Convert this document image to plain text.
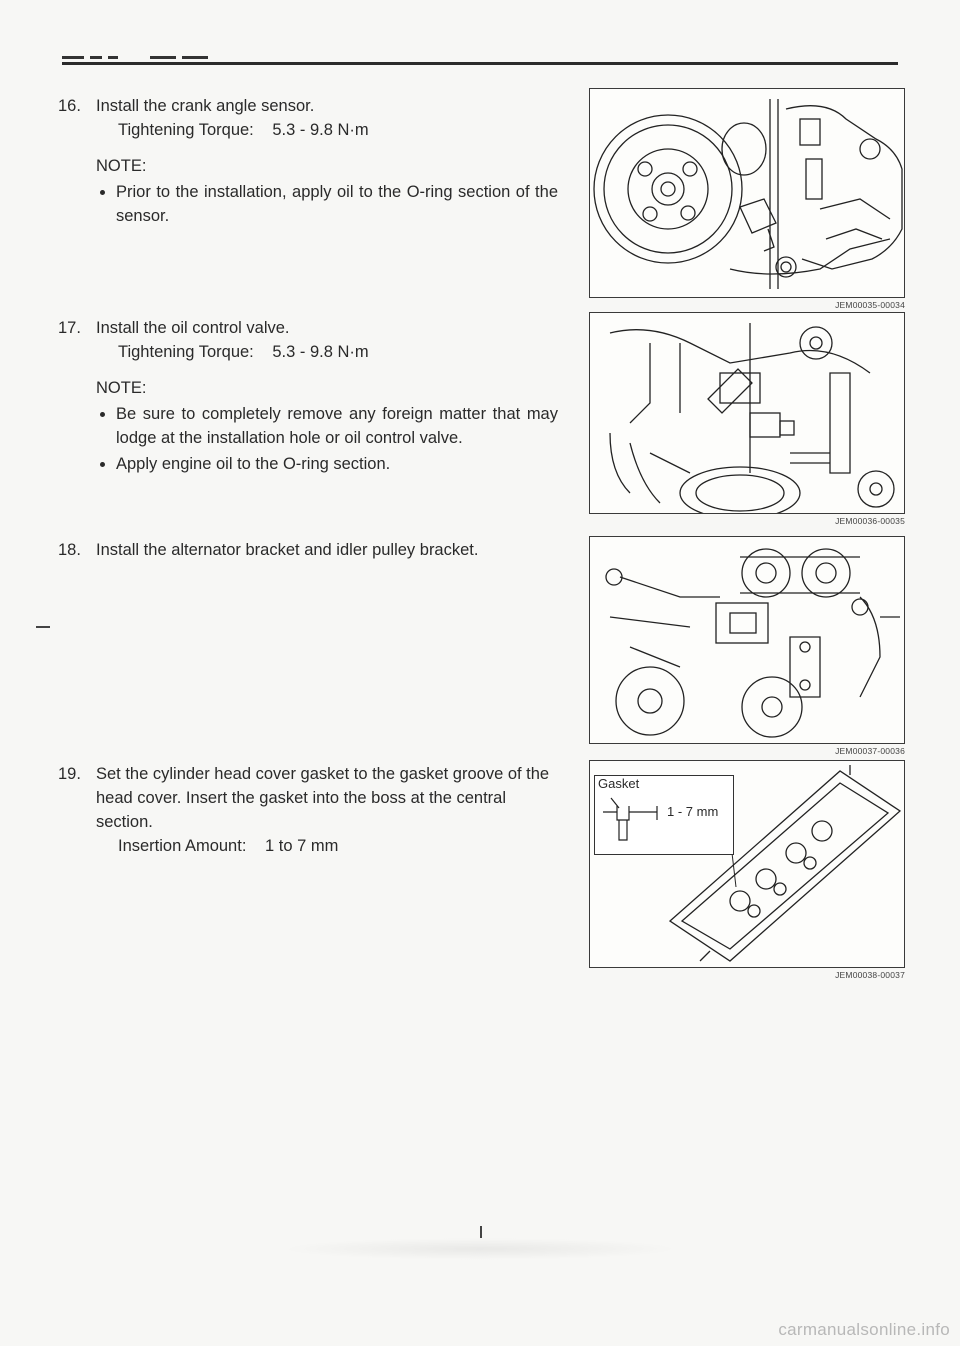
16. Install the crank angle sensor.
Tightening Torque: 5.3 - 9.8 N·m
NOTE:
• Prior to the installation, apply oil to the O-ring section of the sensor.
17. Install the oil control valve.
Tightening Torque: 5.3 - 9.8 N·m
NOTE:
• Be sure to completely remove any foreign matter that may lodge at the installation hole or oil control valve.
• Apply engine oil to the O-ring section.
18. Install the alternator bracket and idler pulley bracket.
19. Set the cylinder head cover gasket to the gasket groove of the head cover. Insert the gasket into the boss at the central section.
Insertion Amount: 1 to 7 mm
JEM00035-00034
JEM00036-00035
JEM00037-00036
Gasket
1 - 7 mm
JEM00038-00037
carmanualsonline.info
